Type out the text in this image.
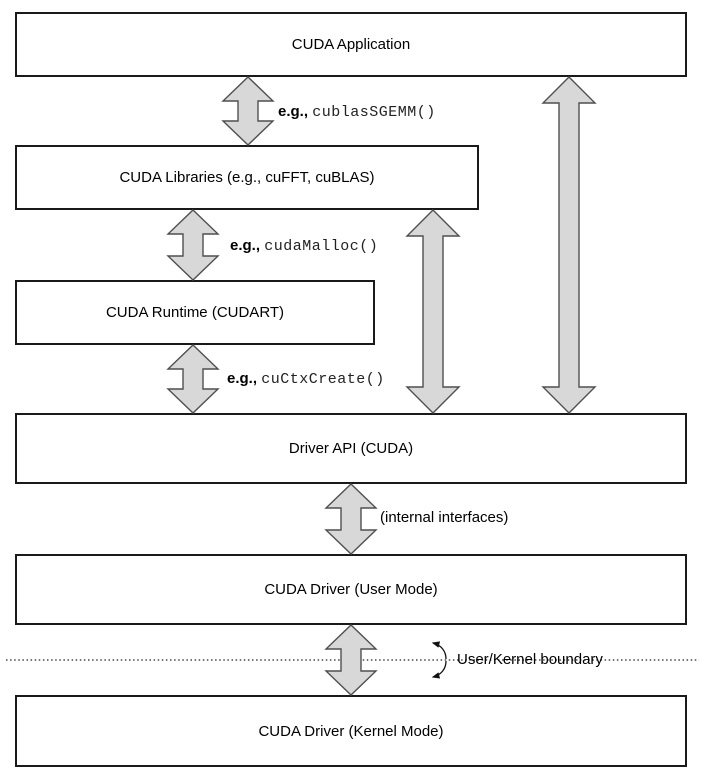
CUDA Application
CUDA Libraries (e.g., cuFFT, cuBLAS)
CUDA Runtime (CUDART)
Driver API (CUDA)
CUDA Driver (User Mode)
CUDA Driver (Kernel Mode)
e.g., cublasSGEMM()
e.g., cudaMalloc()
e.g., cuCtxCreate()
(internal interfaces)
User/Kernel boundary
